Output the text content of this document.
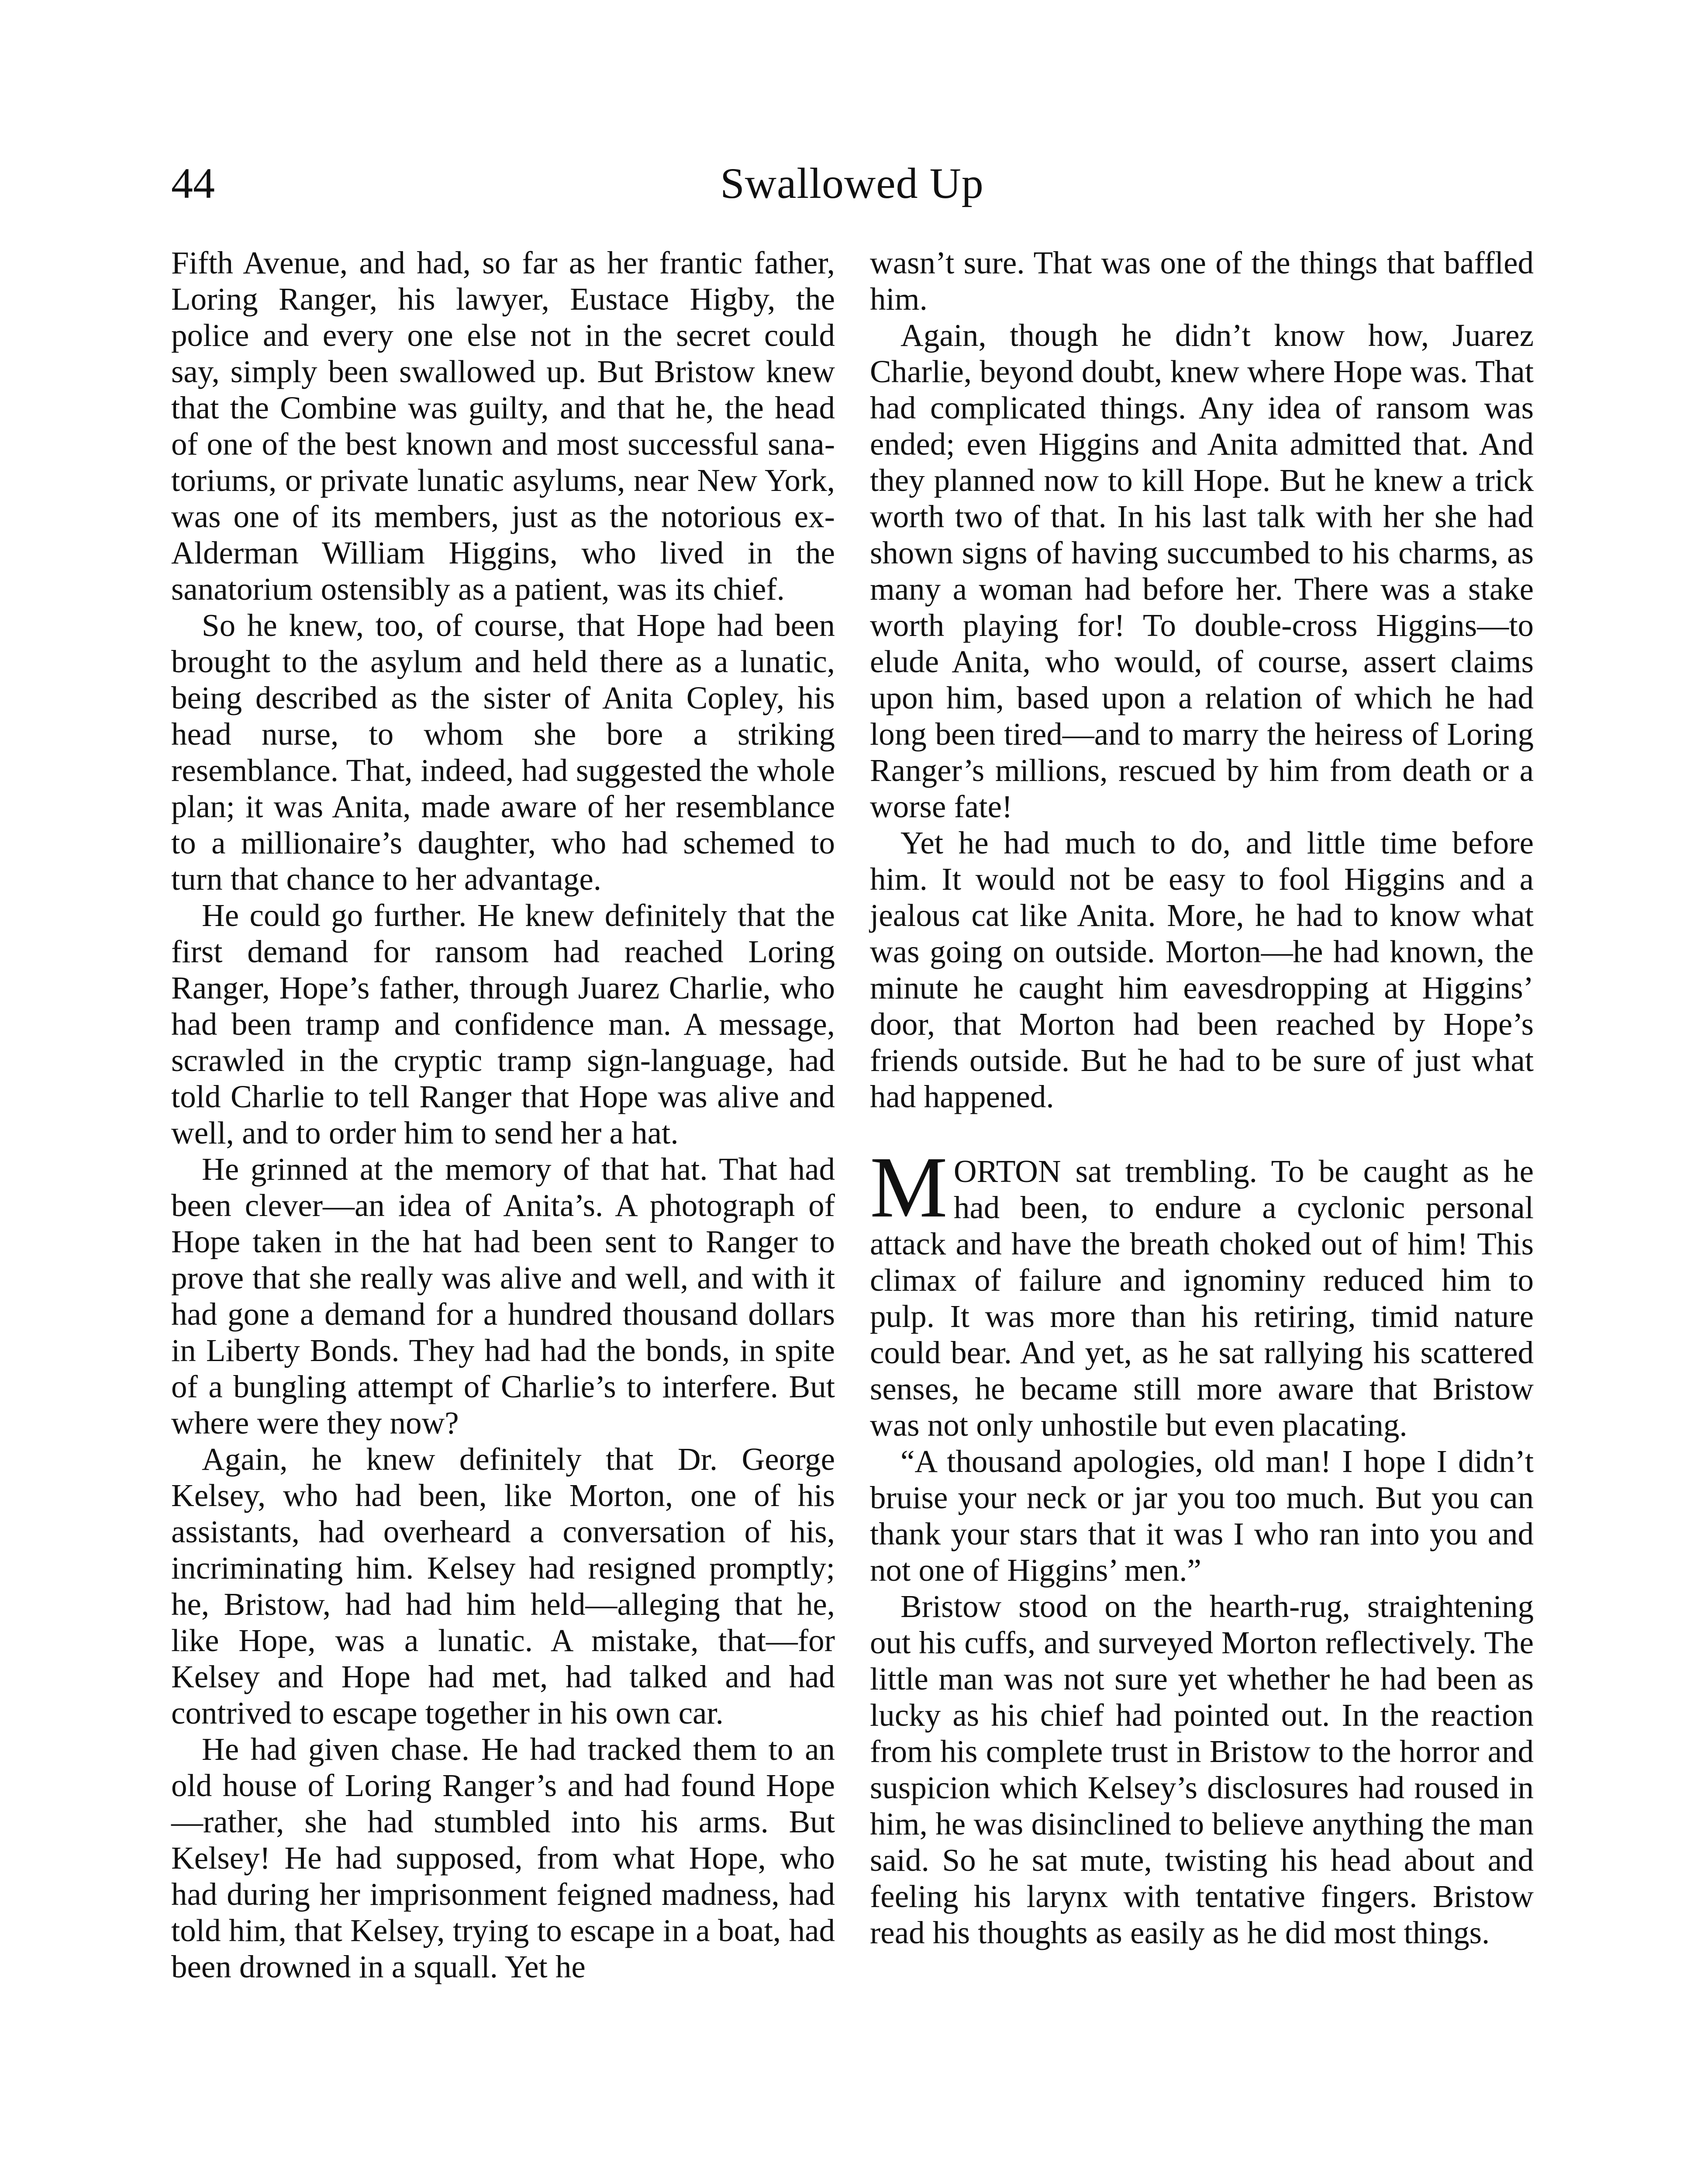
44	Swallowed Up

Fifth Avenue, and had, so far as her frantic father, Loring Ranger, his lawyer, Eustace Higby, the police and every one else not in the secret could say, simply been swallowed up. But Bristow knew that the Combine was guilty, and that he, the head of one of the best known and most successful sanatoriums, or private lunatic asylums, near New York, was one of its members, just as the notorious ex-Alderman William Higgins, who lived in the sanatorium ostensibly as a patient, was its chief.

So he knew, too, of course, that Hope had been brought to the asylum and held there as a lunatic, being described as the sister of Anita Copley, his head nurse, to whom she bore a striking resemblance. That, indeed, had suggested the whole plan; it was Anita, made aware of her resemblance to a millionaire’s daughter, who had schemed to turn that chance to her advantage.

He could go further. He knew definitely that the first demand for ransom had reached Loring Ranger, Hope’s father, through Juarez Charlie, who had been tramp and confidence man. A message, scrawled in the cryptic tramp sign-language, had told Charlie to tell Ranger that Hope was alive and well, and to order him to send her a hat.

He grinned at the memory of that hat. That had been clever—an idea of Anita’s. A photograph of Hope taken in the hat had been sent to Ranger to prove that she really was alive and well, and with it had gone a demand for a hundred thousand dollars in Liberty Bonds. They had had the bonds, in spite of a bungling attempt of Charlie’s to interfere. But where were they now?

Again, he knew definitely that Dr. George Kelsey, who had been, like Morton, one of his assistants, had overheard a conversation of his, incriminating him. Kelsey had resigned promptly; he, Bristow, had had him held—alleging that he, like Hope, was a lunatic. A mistake, that—for Kelsey and Hope had met, had talked and had contrived to escape together in his own car.

He had given chase. He had tracked them to an old house of Loring Ranger’s and had found Hope—rather, she had stumbled into his arms. But Kelsey! He had supposed, from what Hope, who had during her imprisonment feigned madness, had told him, that Kelsey, trying to escape in a boat, had been drowned in a squall. Yet he

wasn’t sure. That was one of the things that baffled him.

Again, though he didn’t know how, Juarez Charlie, beyond doubt, knew where Hope was. That had complicated things. Any idea of ransom was ended; even Higgins and Anita admitted that. And they planned now to kill Hope. But he knew a trick worth two of that. In his last talk with her she had shown signs of having succumbed to his charms, as many a woman had before her. There was a stake worth playing for! To double-cross Higgins—to elude Anita, who would, of course, assert claims upon him, based upon a relation of which he had long been tired—and to marry the heiress of Loring Ranger’s millions, rescued by him from death or a worse fate!

Yet he had much to do, and little time before him. It would not be easy to fool Higgins and a jealous cat like Anita. More, he had to know what was going on outside. Morton—he had known, the minute he caught him eavesdropping at Higgins’ door, that Morton had been reached by Hope’s friends outside. But he had to be sure of just what had happened.

MORTON sat trembling. To be caught as he had been, to endure a cyclonic personal attack and have the breath choked out of him! This climax of failure and ignominy reduced him to pulp. It was more than his retiring, timid nature could bear. And yet, as he sat rallying his scattered senses, he became still more aware that Bristow was not only unhostile but even placating.

“A thousand apologies, old man! I hope I didn’t bruise your neck or jar you too much. But you can thank your stars that it was I who ran into you and not one of Higgins’ men.”

Bristow stood on the hearth-rug, straightening out his cuffs, and surveyed Morton reflectively. The little man was not sure yet whether he had been as lucky as his chief had pointed out. In the reaction from his complete trust in Bristow to the horror and suspicion which Kelsey’s disclosures had roused in him, he was disinclined to believe anything the man said. So he sat mute, twisting his head about and feeling his larynx with tentative fingers. Bristow read his thoughts as easily as he did most things.
